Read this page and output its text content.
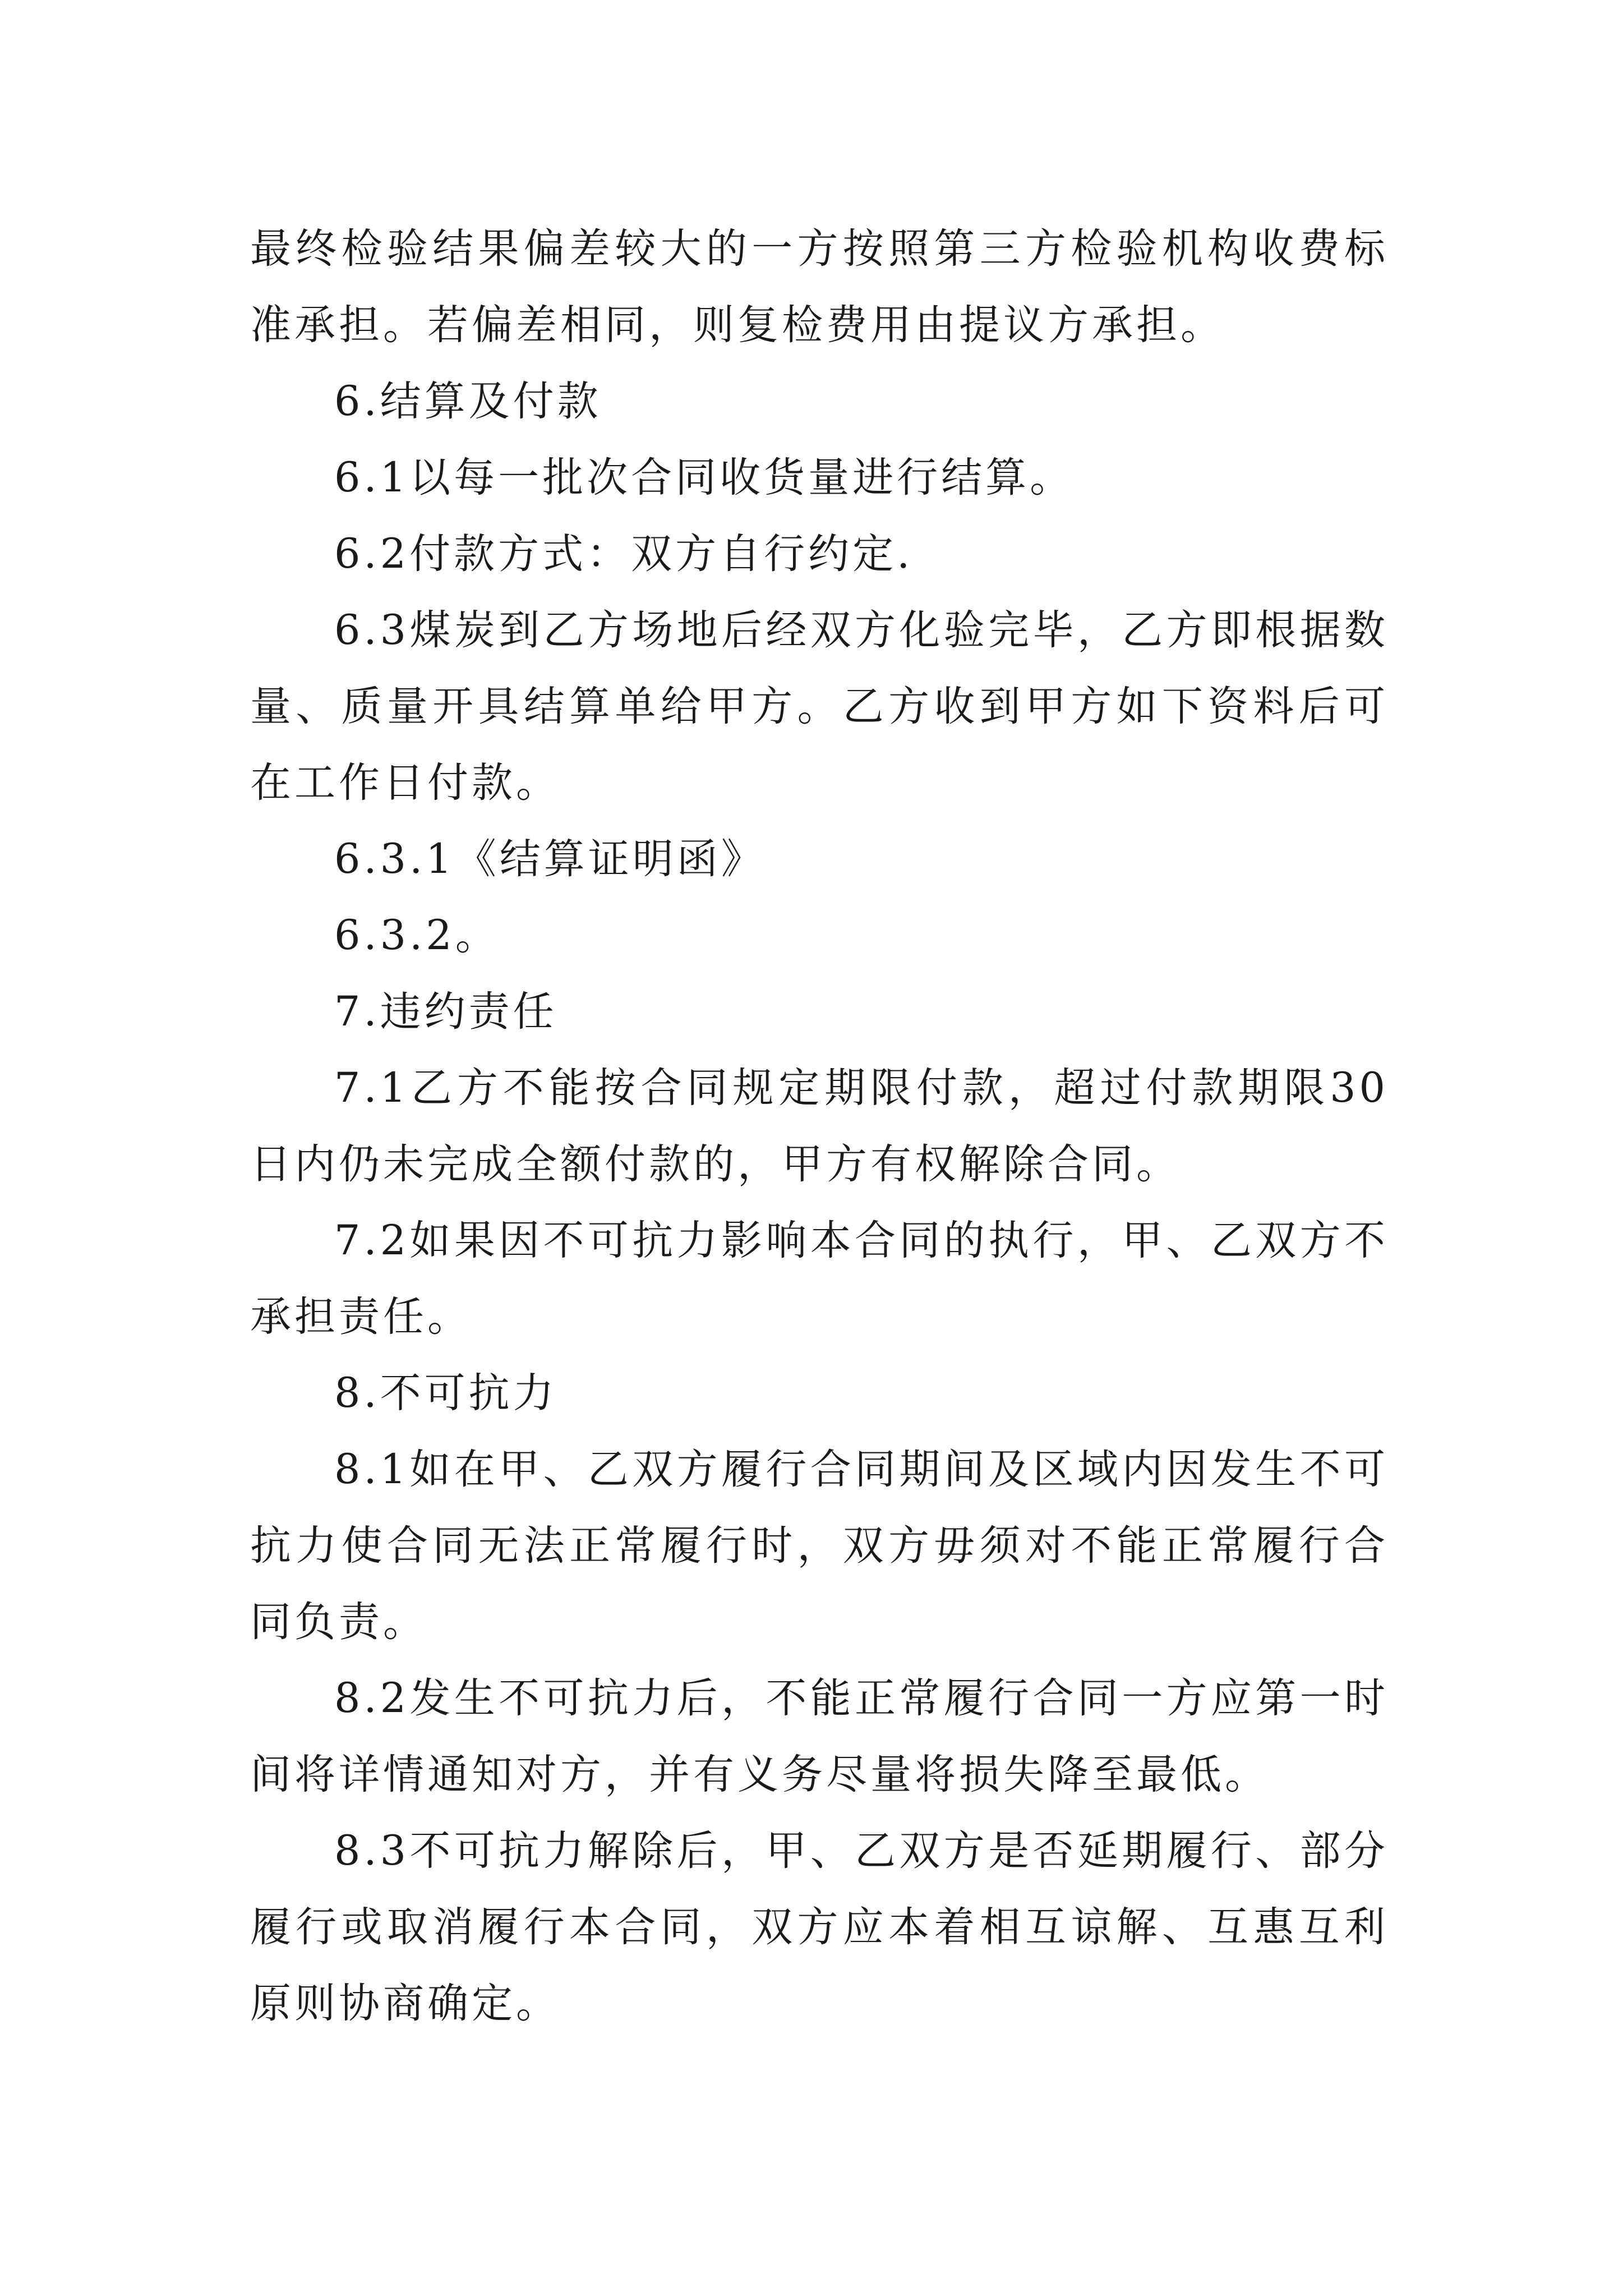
最终检验结果偏差较大的一方按照第三方检验机构收费标准承担。若偏差相同，则复检费用由提议方承担。

6.结算及付款

6.1以每一批次合同收货量进行结算。

6.2付款方式：双方自行约定.

6.3煤炭到乙方场地后经双方化验完毕，乙方即根据数量、质量开具结算单给甲方。乙方收到甲方如下资料后可在工作日付款。

6.3.1《结算证明函》

6.3.2。

7.违约责任

7.1乙方不能按合同规定期限付款，超过付款期限30日内仍未完成全额付款的，甲方有权解除合同。

7.2如果因不可抗力影响本合同的执行，甲、乙双方不承担责任。

8.不可抗力

8.1如在甲、乙双方履行合同期间及区域内因发生不可抗力使合同无法正常履行时，双方毋须对不能正常履行合同负责。

8.2发生不可抗力后，不能正常履行合同一方应第一时间将详情通知对方，并有义务尽量将损失降至最低。

8.3不可抗力解除后，甲、乙双方是否延期履行、部分履行或取消履行本合同，双方应本着相互谅解、互惠互利原则协商确定。
